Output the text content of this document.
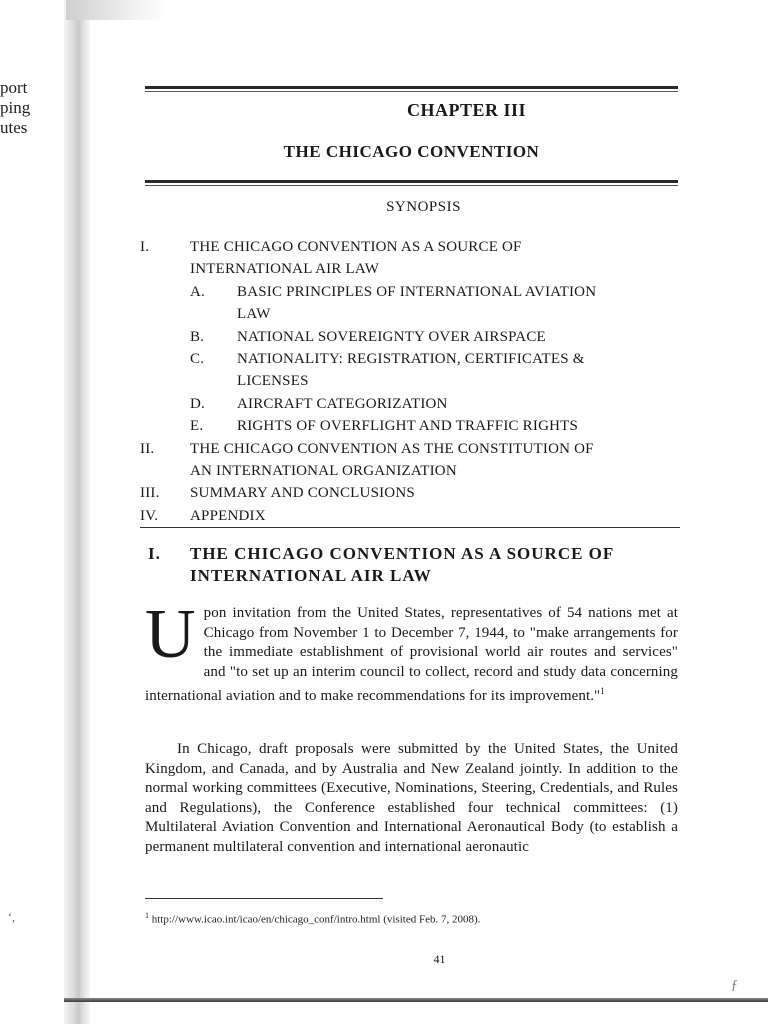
port
ping
utes
‘,
CHAPTER III
THE CHICAGO CONVENTION
SYNOPSIS
I.	THE CHICAGO CONVENTION AS A SOURCE OF
INTERNATIONAL AIR LAW
A. BASIC PRINCIPLES OF INTERNATIONAL AVIATION
LAW
B. NATIONAL SOVEREIGNTY OVER AIRSPACE
C. NATIONALITY: REGISTRATION, CERTIFICATES &
LICENSES
D. AIRCRAFT CATEGORIZATION
E. RIGHTS OF OVERFLIGHT AND TRAFFIC RIGHTS
II. THE CHICAGO CONVENTION AS THE CONSTITUTION OF
AN INTERNATIONAL ORGANIZATION
III. SUMMARY AND CONCLUSIONS
IV. APPENDIX
I. THE CHICAGO CONVENTION AS A SOURCE OF
INTERNATIONAL AIR LAW
Upon invitation from the United States, representatives of 54 nations met at Chicago from November 1 to December 7, 1944, to "make arrangements for the immediate establishment of provisional world air routes and services" and "to set up an interim council to collect, record and study data concerning international aviation and to make recommendations for its improvement."$^1$
In Chicago, draft proposals were submitted by the United States, the United Kingdom, and Canada, and by Australia and New Zealand jointly. In addition to the normal working committees (Executive, Nominations, Steering, Credentials, and Rules and Regulations), the Conference established four technical committees: (1) Multilateral Aviation Convention and International Aeronautical Body (to establish a permanent multilateral convention and international aeronautic
$^1$ http://www.icao.int/icao/en/chicago_conf/intro.html (visited Feb. 7, 2008).
41
ƒ
